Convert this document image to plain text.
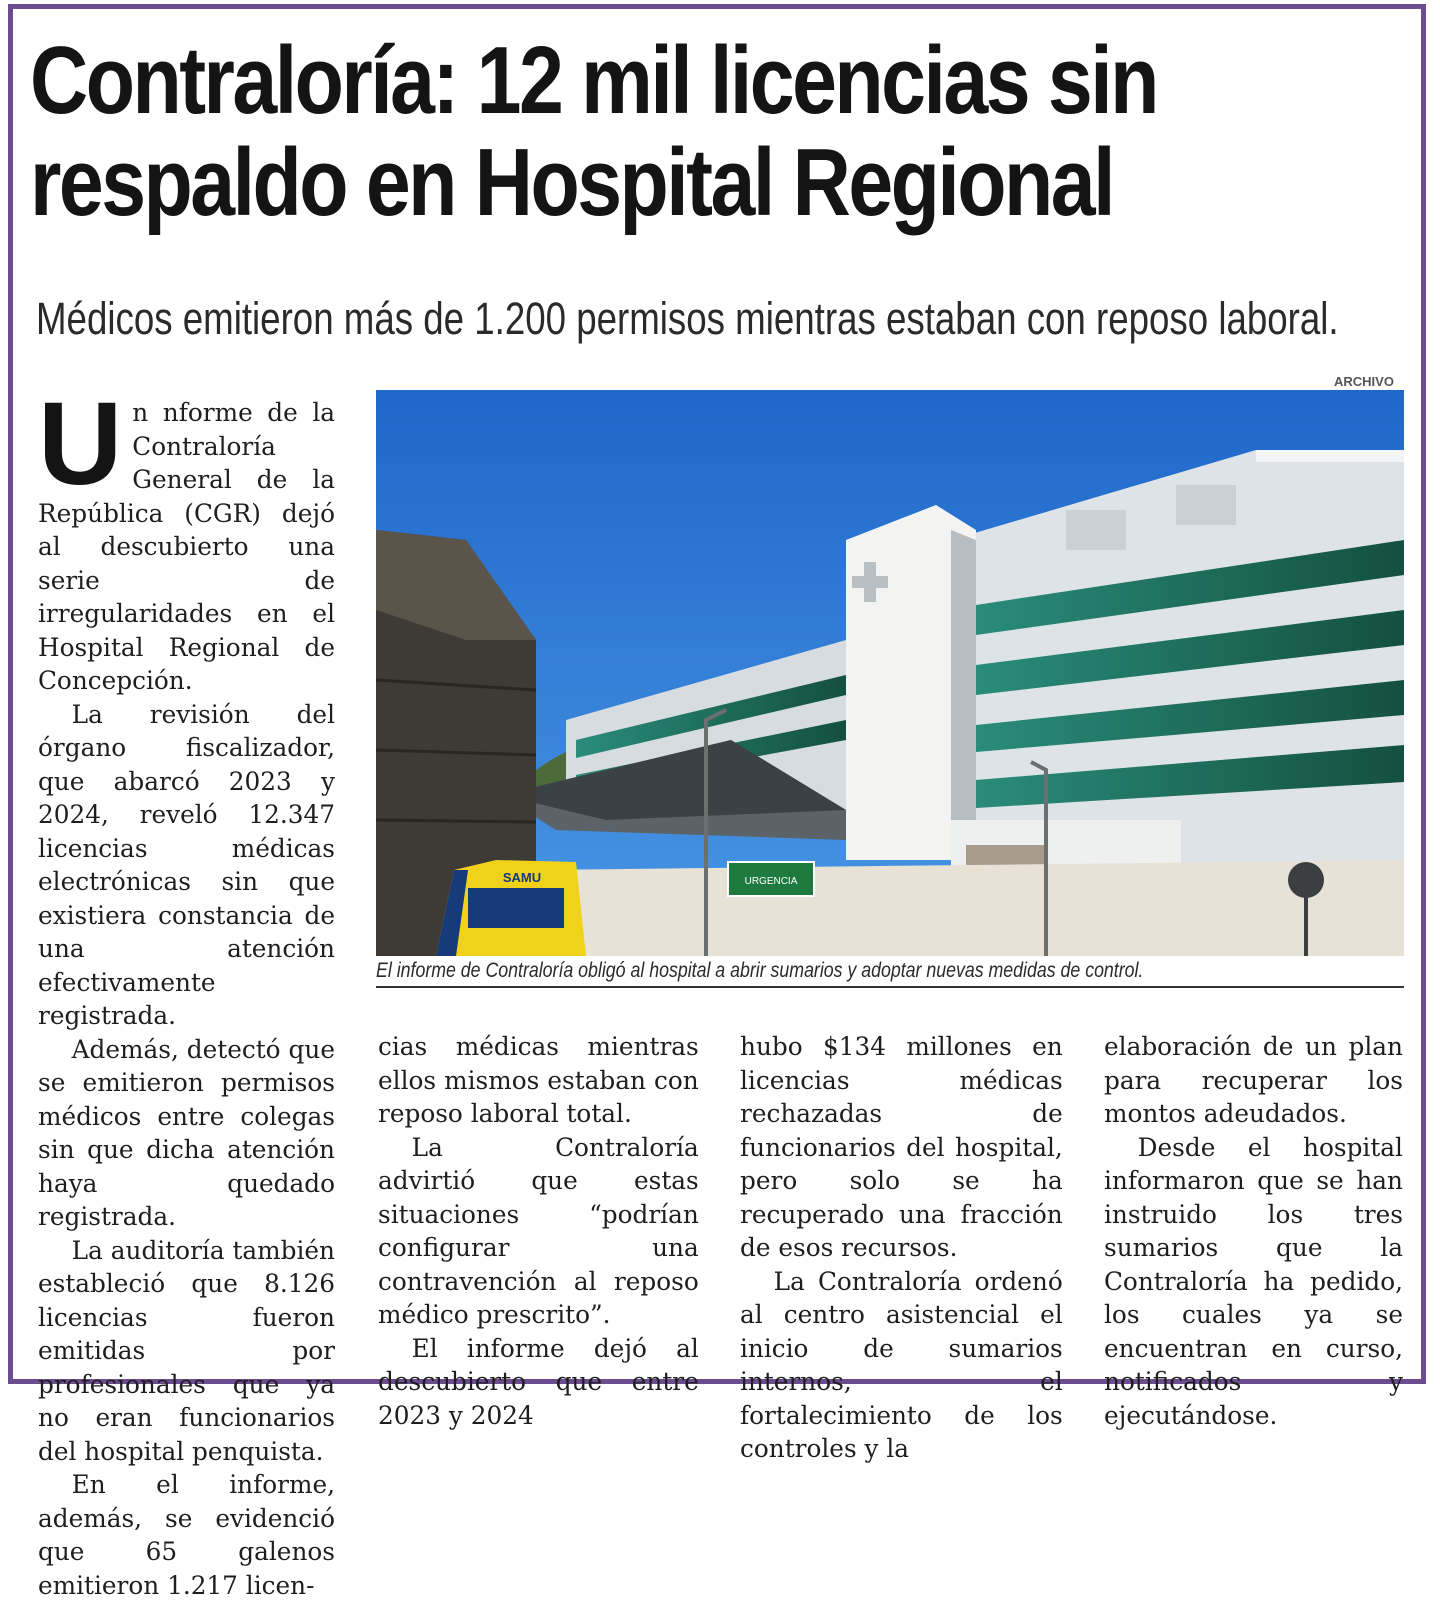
Contraloría: 12 mil licencias sin
respaldo en Hospital Regional
Médicos emitieron más de 1.200 permisos mientras estaban con reposo laboral.
ARCHIVO
URGENCIA
SAMU
El informe de Contraloría obligó al hospital a abrir sumarios y adoptar nuevas medidas de control.

Un nforme de la Contraloría General de la República (CGR) dejó al descubierto una serie de irregularidades en el Hospital Regional de Concepción.

La revisión del órgano fiscalizador, que abarcó 2023 y 2024, reveló 12.347 licencias médicas electrónicas sin que existiera constancia de una atención efectivamente registrada.

Además, detectó que se emitieron permisos médicos entre colegas sin que dicha atención haya quedado registrada.

La auditoría también estableció que 8.126 licencias fueron emitidas por profesionales que ya no eran funcionarios del hospital penquista.

En el informe, además, se evidenció que 65 galenos emitieron 1.217 licen-

cias médicas mientras ellos mismos estaban con reposo laboral total.

La Contraloría advirtió que estas situaciones “podrían configurar una contravención al reposo médico prescrito”.

El informe dejó al descubierto que entre 2023 y 2024

hubo $134 millones en licencias médicas rechazadas de funcionarios del hospital, pero solo se ha recuperado una fracción de esos recursos.

La Contraloría ordenó al centro asistencial el inicio de sumarios internos, el fortalecimiento de los controles y la

elaboración de un plan para recuperar los montos adeudados.

Desde el hospital informaron que se han instruido los tres sumarios que la Contraloría ha pedido, los cuales ya se encuentran en curso, notificados y ejecutándose.
